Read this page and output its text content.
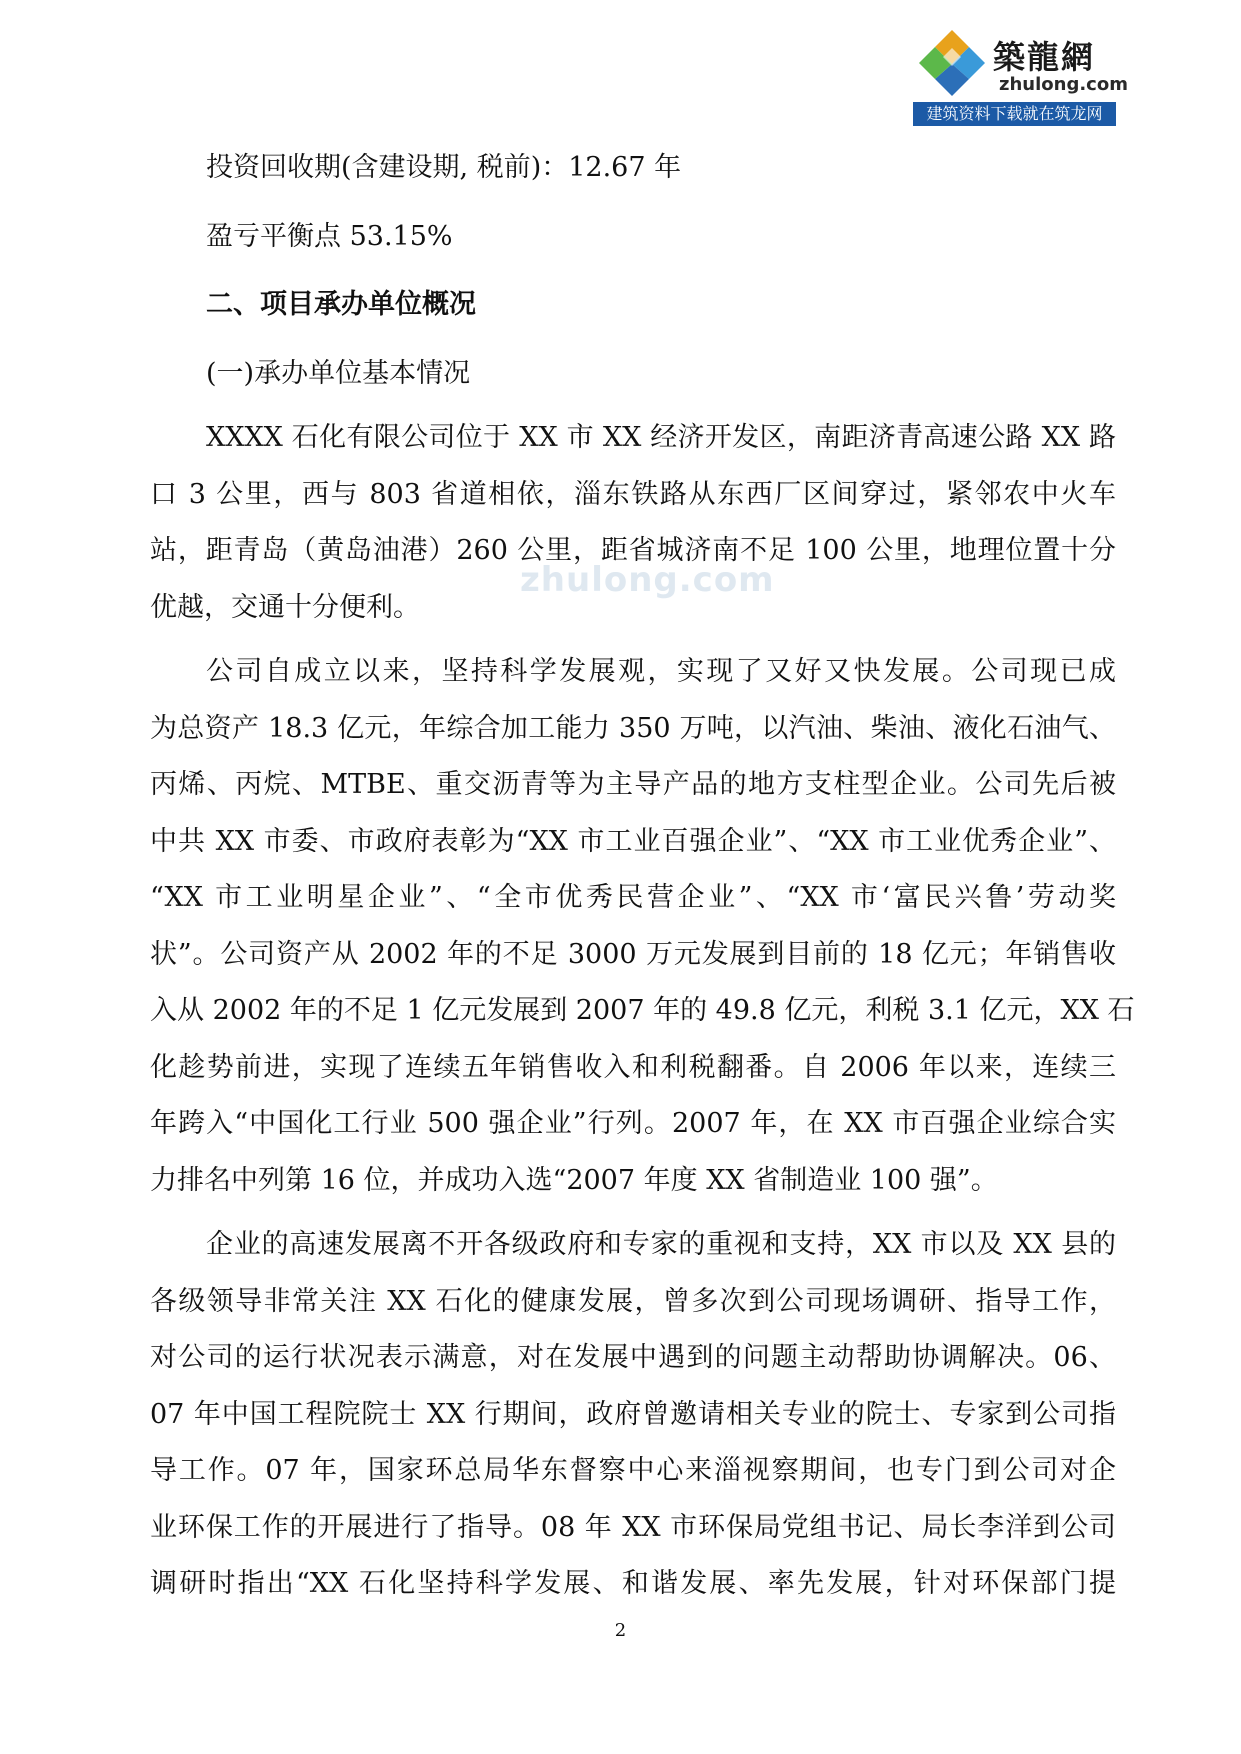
築龍網
zhulong.com
建筑资料下载就在筑龙网
zhulong.com

投资回收期(含建设期, 税前)：12.67 年

盈亏平衡点 53.15%

二、项目承办单位概况

(一)承办单位基本情况

XXXX 石化有限公司位于 XX 市 XX 经济开发区，南距济青高速公路 XX 路
口 3 公里，西与 803 省道相依，淄东铁路从东西厂区间穿过，紧邻农中火车
站，距青岛（黄岛油港）260 公里，距省城济南不足 100 公里，地理位置十分
优越，交通十分便利。
公司自成立以来，坚持科学发展观，实现了又好又快发展。公司现已成
为总资产 18.3 亿元，年综合加工能力 350 万吨，以汽油、柴油、液化石油气、
丙烯、丙烷、MTBE、重交沥青等为主导产品的地方支柱型企业。公司先后被
中共 XX 市委、市政府表彰为“XX 市工业百强企业”、“XX 市工业优秀企业”、
“XX 市工业明星企业”、“全市优秀民营企业”、“XX 市‘富民兴鲁’劳动奖
状”。公司资产从 2002 年的不足 3000 万元发展到目前的 18 亿元；年销售收
入从 2002 年的不足 1 亿元发展到 2007 年的 49.8 亿元，利税 3.1 亿元，XX 石
化趁势前进，实现了连续五年销售收入和利税翻番。自 2006 年以来，连续三
年跨入“中国化工行业 500 强企业”行列。2007 年，在 XX 市百强企业综合实
力排名中列第 16 位，并成功入选“2007 年度 XX 省制造业 100 强”。
企业的高速发展离不开各级政府和专家的重视和支持，XX 市以及 XX 县的
各级领导非常关注 XX 石化的健康发展，曾多次到公司现场调研、指导工作，
对公司的运行状况表示满意，对在发展中遇到的问题主动帮助协调解决。06、
07 年中国工程院院士 XX 行期间，政府曾邀请相关专业的院士、专家到公司指
导工作。07 年，国家环总局华东督察中心来淄视察期间，也专门到公司对企
业环保工作的开展进行了指导。08 年 XX 市环保局党组书记、局长李洋到公司
调研时指出“XX 石化坚持科学发展、和谐发展、率先发展，针对环保部门提
2
